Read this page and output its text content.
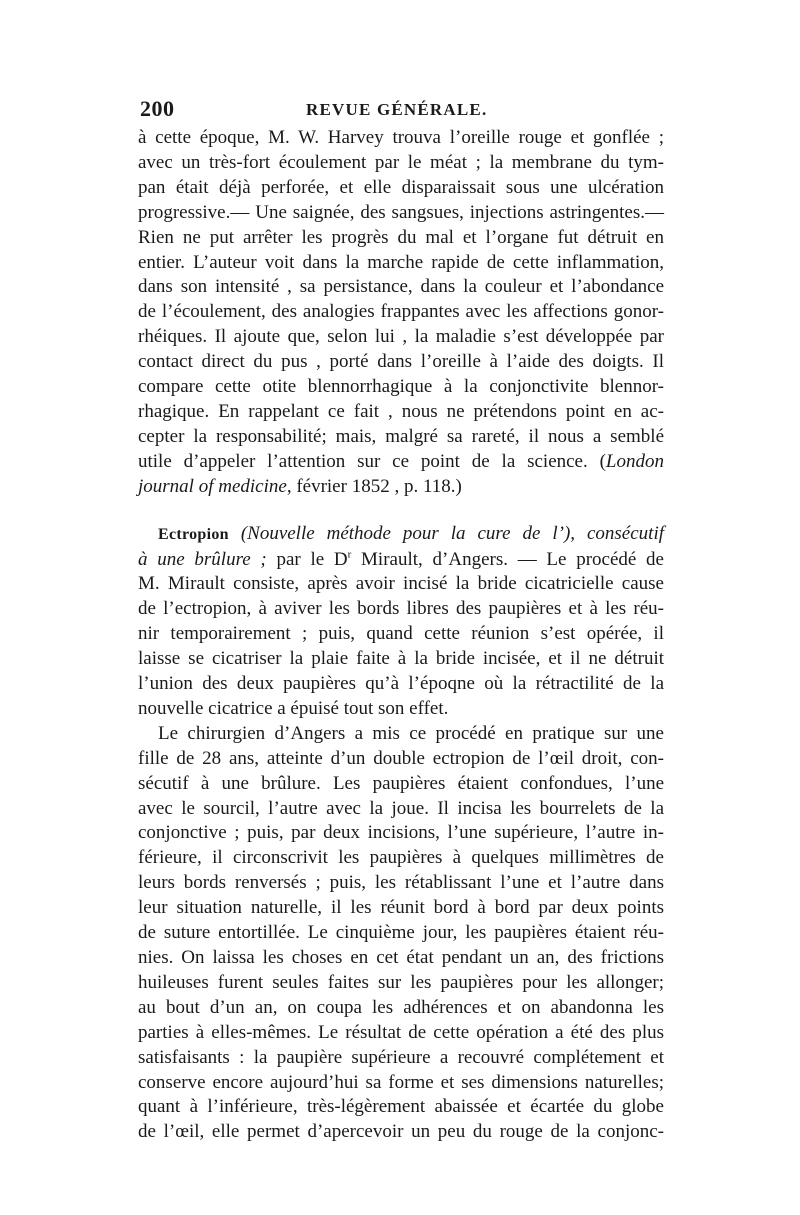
200	REVUE GÉNÉRALE.
à cette époque, M. W. Harvey trouva l’oreille rouge et gonflée ;
avec un très-fort écoulement par le méat ; la membrane du tym-
pan était déjà perforée, et elle disparaissait sous une ulcération
progressive.— Une saignée, des sangsues, injections astringentes.—
Rien ne put arrêter les progrès du mal et l’organe fut détruit en
entier. L’auteur voit dans la marche rapide de cette inflammation,
dans son intensité , sa persistance, dans la couleur et l’abondance
de l’écoulement, des analogies frappantes avec les affections gonor-
rhéiques. Il ajoute que, selon lui , la maladie s’est développée par
contact direct du pus , porté dans l’oreille à l’aide des doigts. Il
compare cette otite blennorrhagique à la conjonctivite blennor-
rhagique. En rappelant ce fait , nous ne prétendons point en ac-
cepter la responsabilité; mais, malgré sa rareté, il nous a semblé
utile d’appeler l’attention sur ce point de la science. (London
journal of medicine, février 1852 , p. 118.)
Ectropion (Nouvelle méthode pour la cure de l’), consécutif
à une brûlure ; par le $D^r$ Mirault, d’Angers. — Le procédé de
M. Mirault consiste, après avoir incisé la bride cicatricielle cause
de l’ectropion, à aviver les bords libres des paupières et à les réu-
nir temporairement ; puis, quand cette réunion s’est opérée, il
laisse se cicatriser la plaie faite à la bride incisée, et il ne détruit
l’union des deux paupières qu’à l’époqne où la rétractilité de la
nouvelle cicatrice a épuisé tout son effet.
Le chirurgien d’Angers a mis ce procédé en pratique sur une
fille de 28 ans, atteinte d’un double ectropion de l’œil droit, con-
sécutif à une brûlure. Les paupières étaient confondues, l’une
avec le sourcil, l’autre avec la joue. Il incisa les bourrelets de la
conjonctive ; puis, par deux incisions, l’une supérieure, l’autre in-
férieure, il circonscrivit les paupières à quelques millimètres de
leurs bords renversés ; puis, les rétablissant l’une et l’autre dans
leur situation naturelle, il les réunit bord à bord par deux points
de suture entortillée. Le cinquième jour, les paupières étaient réu-
nies. On laissa les choses en cet état pendant un an, des frictions
huileuses furent seules faites sur les paupières pour les allonger;
au bout d’un an, on coupa les adhérences et on abandonna les
parties à elles-mêmes. Le résultat de cette opération a été des plus
satisfaisants : la paupière supérieure a recouvré complétement et
conserve encore aujourd’hui sa forme et ses dimensions naturelles;
quant à l’inférieure, très-légèrement abaissée et écartée du globe
de l’œil, elle permet d’apercevoir un peu du rouge de la conjonc-
